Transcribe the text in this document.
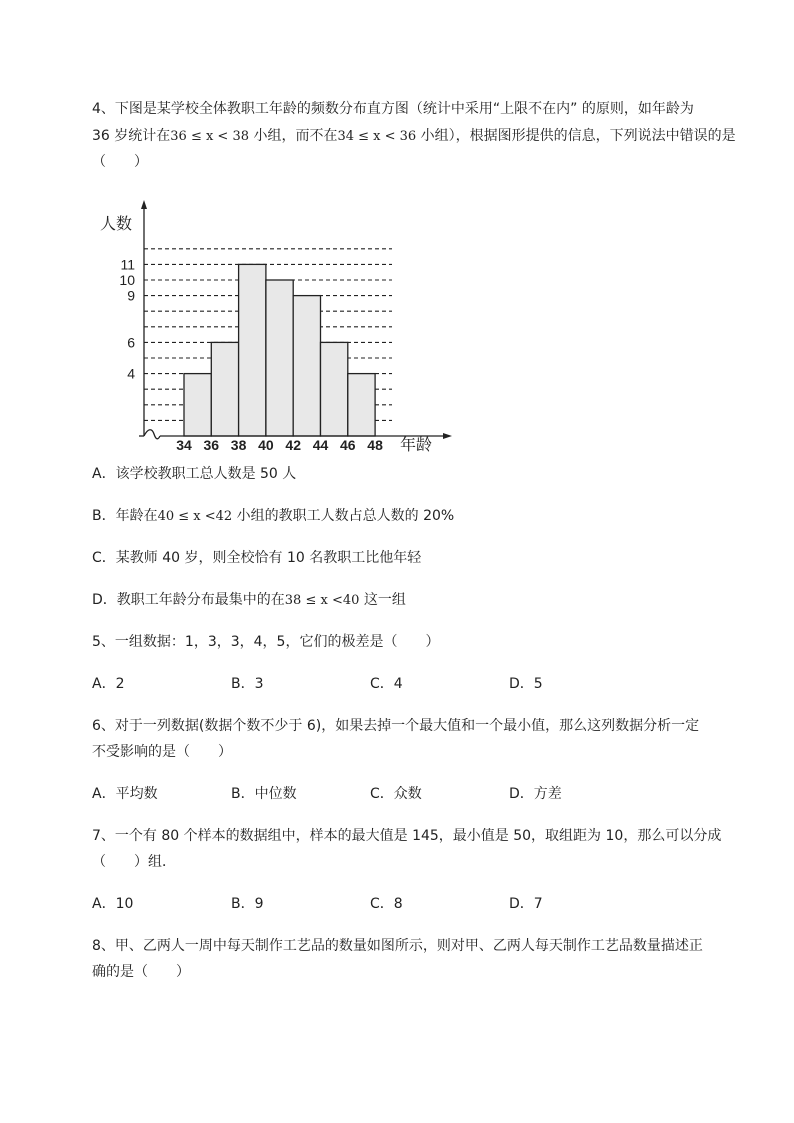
4、下图是某学校全体教职工年龄的频数分布直方图（统计中采用“上限不在内” 的原则，如年龄为
36 岁统计在36 ≤ x < 38 小组，而不在34 ≤ x < 36 小组），根据图形提供的信息，下列说法中错误的是
（　　）
人数
年龄
34 36 38 40 42 44 46 48
4
6
9
10
11
A．该学校教职工总人数是 50 人
B．年龄在40 ≤ x <42 小组的教职工人数占总人数的 20%
C．某教师 40 岁，则全校恰有 10 名教职工比他年轻
D．教职工年龄分布最集中的在38 ≤ x <40 这一组
5、一组数据：1，3，3，4，5，它们的极差是（　　）
A．2	B．3	C．4	D．5
6、对于一列数据(数据个数不少于 6)，如果去掉一个最大值和一个最小值，那么这列数据分析一定
不受影响的是（　　）
A．平均数	B．中位数	C．众数	D．方差
7、一个有 80 个样本的数据组中，样本的最大值是 145，最小值是 50，取组距为 10，那么可以分成
（　　）组．
A．10	B．9	C．8	D．7
8、甲、乙两人一周中每天制作工艺品的数量如图所示，则对甲、乙两人每天制作工艺品数量描述正
确的是（　　）
